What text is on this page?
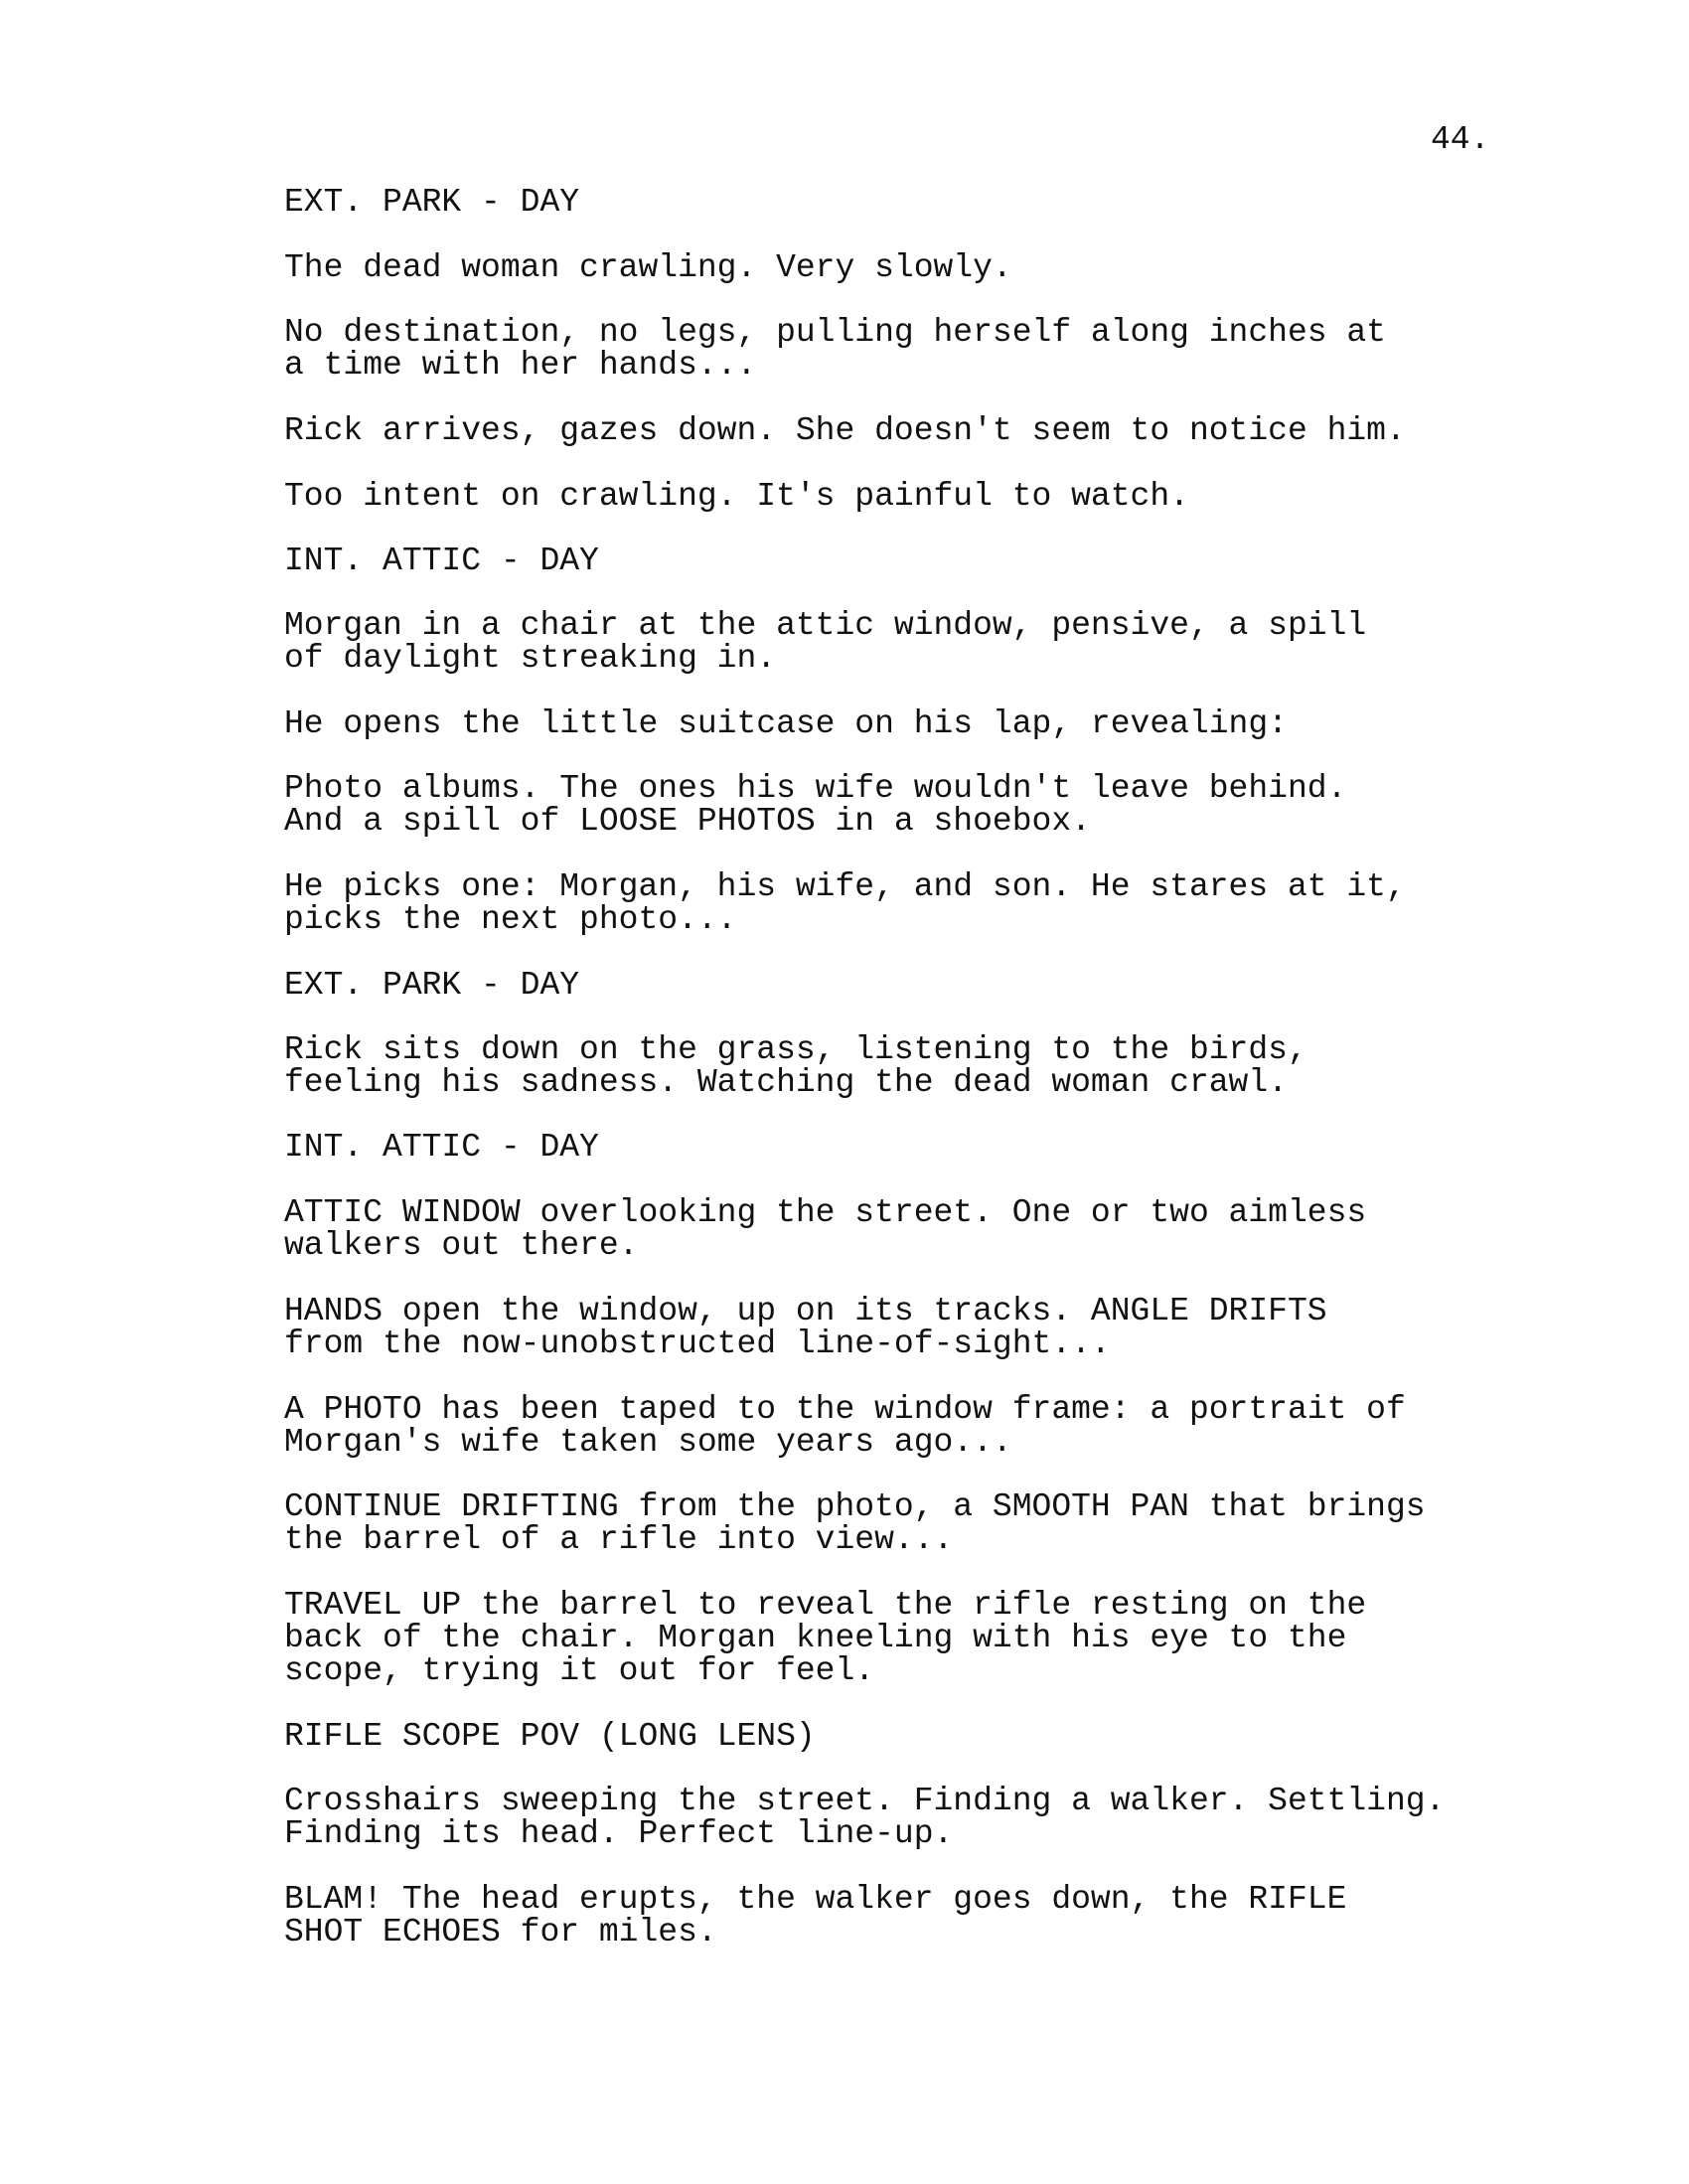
44.

EXT. PARK - DAY

The dead woman crawling. Very slowly.

No destination, no legs, pulling herself along inches at
a time with her hands...

Rick arrives, gazes down. She doesn't seem to notice him.

Too intent on crawling. It's painful to watch.

INT. ATTIC - DAY

Morgan in a chair at the attic window, pensive, a spill
of daylight streaking in.

He opens the little suitcase on his lap, revealing:

Photo albums. The ones his wife wouldn't leave behind.
And a spill of LOOSE PHOTOS in a shoebox.

He picks one: Morgan, his wife, and son. He stares at it,
picks the next photo...

EXT. PARK - DAY

Rick sits down on the grass, listening to the birds,
feeling his sadness. Watching the dead woman crawl.

INT. ATTIC - DAY

ATTIC WINDOW overlooking the street. One or two aimless
walkers out there.

HANDS open the window, up on its tracks. ANGLE DRIFTS
from the now-unobstructed line-of-sight...

A PHOTO has been taped to the window frame: a portrait of
Morgan's wife taken some years ago...

CONTINUE DRIFTING from the photo, a SMOOTH PAN that brings
the barrel of a rifle into view...

TRAVEL UP the barrel to reveal the rifle resting on the
back of the chair. Morgan kneeling with his eye to the
scope, trying it out for feel.

RIFLE SCOPE POV (LONG LENS)

Crosshairs sweeping the street. Finding a walker. Settling.
Finding its head. Perfect line-up.

BLAM! The head erupts, the walker goes down, the RIFLE
SHOT ECHOES for miles.
